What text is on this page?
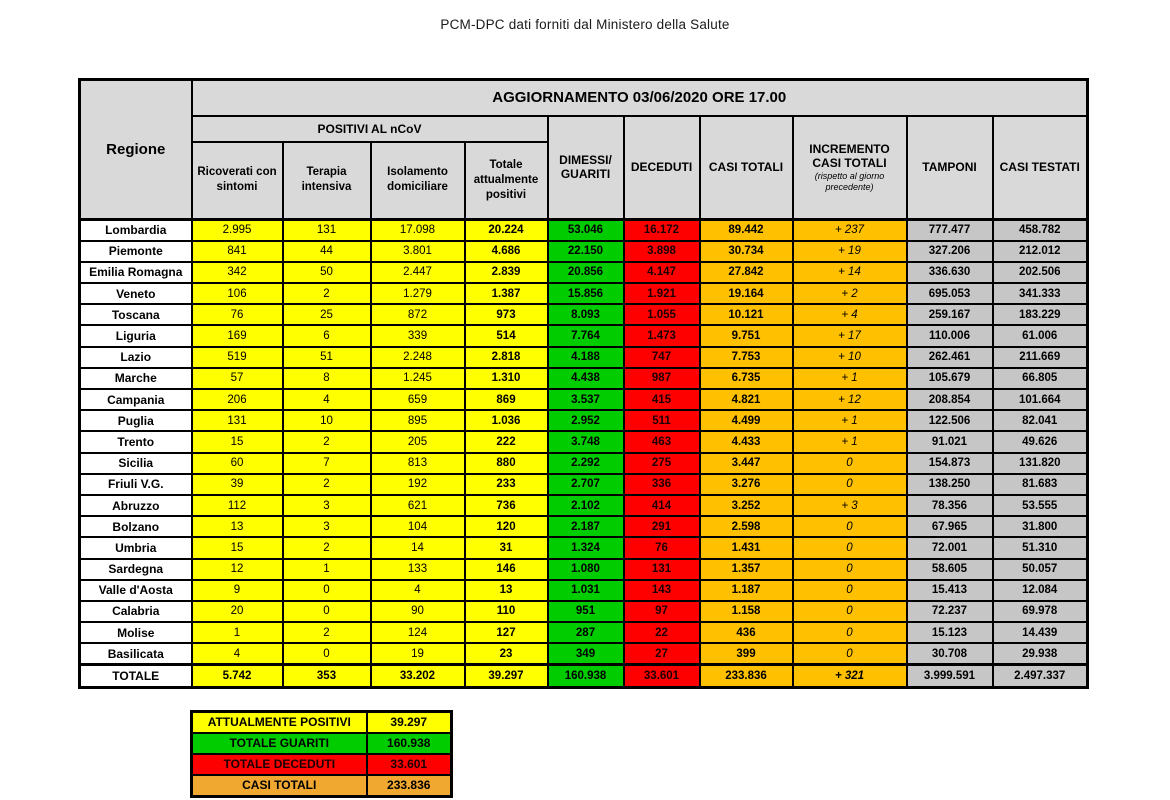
PCM-DPC dati forniti dal Ministero della Salute
Regione	AGGIORNAMENTO 03/06/2020 ORE 17.00									
	POSITIVI AL nCoV				DIMESSI/ GUARITI	DECEDUTI	CASI TOTALI	INCREMENTO
CASI TOTALI
(rispetto al giorno precedente)	TAMPONI	CASI TESTATI
	Ricoverati con sintomi	Terapia intensiva	Isolamento domiciliare	Totale attualmente positivi						
Lombardia	2.995	131	17.098	20.224	53.046	16.172	89.442	+ 237	777.477	458.782
Piemonte	841	44	3.801	4.686	22.150	3.898	30.734	+ 19	327.206	212.012
Emilia Romagna	342	50	2.447	2.839	20.856	4.147	27.842	+ 14	336.630	202.506
Veneto	106	2	1.279	1.387	15.856	1.921	19.164	+ 2	695.053	341.333
Toscana	76	25	872	973	8.093	1.055	10.121	+ 4	259.167	183.229
Liguria	169	6	339	514	7.764	1.473	9.751	+ 17	110.006	61.006
Lazio	519	51	2.248	2.818	4.188	747	7.753	+ 10	262.461	211.669
Marche	57	8	1.245	1.310	4.438	987	6.735	+ 1	105.679	66.805
Campania	206	4	659	869	3.537	415	4.821	+ 12	208.854	101.664
Puglia	131	10	895	1.036	2.952	511	4.499	+ 1	122.506	82.041
Trento	15	2	205	222	3.748	463	4.433	+ 1	91.021	49.626
Sicilia	60	7	813	880	2.292	275	3.447	0	154.873	131.820
Friuli V.G.	39	2	192	233	2.707	336	3.276	0	138.250	81.683
Abruzzo	112	3	621	736	2.102	414	3.252	+ 3	78.356	53.555
Bolzano	13	3	104	120	2.187	291	2.598	0	67.965	31.800
Umbria	15	2	14	31	1.324	76	1.431	0	72.001	51.310
Sardegna	12	1	133	146	1.080	131	1.357	0	58.605	50.057
Valle d'Aosta	9	0	4	13	1.031	143	1.187	0	15.413	12.084
Calabria	20	0	90	110	951	97	1.158	0	72.237	69.978
Molise	1	2	124	127	287	22	436	0	15.123	14.439
Basilicata	4	0	19	23	349	27	399	0	30.708	29.938
TOTALE	5.742	353	33.202	39.297	160.938	33.601	233.836	+ 321	3.999.591	2.497.337
ATTUALMENTE POSITIVI	39.297
TOTALE GUARITI	160.938
TOTALE DECEDUTI	33.601
CASI TOTALI	233.836
